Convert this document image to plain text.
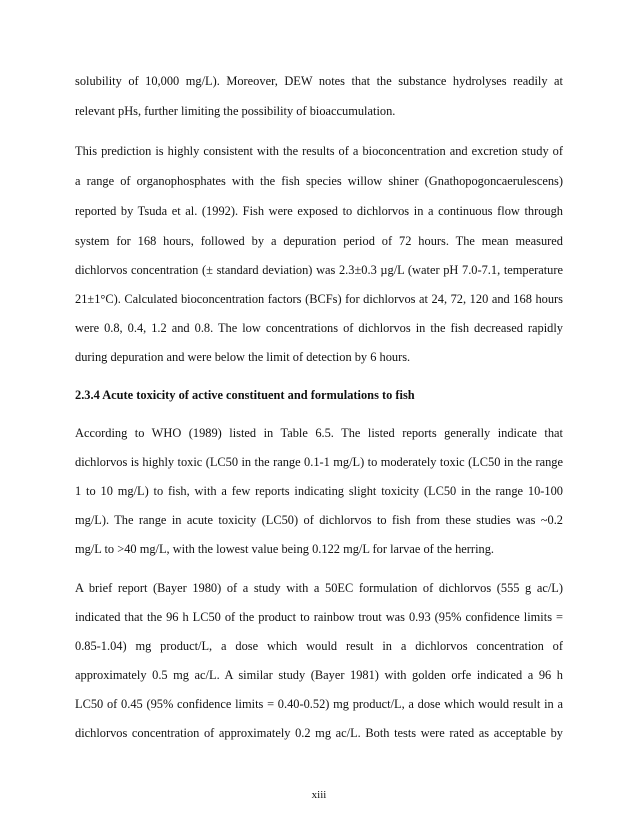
solubility of 10,000 mg/L). Moreover, DEW notes that the substance hydrolyses readily at
relevant pHs, further limiting the possibility of bioaccumulation.
This prediction is highly consistent with the results of a bioconcentration and excretion study of
a range of organophosphates with the fish species willow shiner (Gnathopogoncaerulescens)
reported by Tsuda et al. (1992). Fish were exposed to dichlorvos in a continuous flow through
system for 168 hours, followed by a depuration period of 72 hours. The mean measured
dichlorvos concentration (± standard deviation) was 2.3±0.3 µg/L (water pH 7.0-7.1, temperature
21±1°C). Calculated bioconcentration factors (BCFs) for dichlorvos at 24, 72, 120 and 168 hours
were 0.8, 0.4, 1.2 and 0.8. The low concentrations of dichlorvos in the fish decreased rapidly
during depuration and were below the limit of detection by 6 hours.
2.3.4 Acute toxicity of active constituent and formulations to fish
According to WHO (1989) listed in Table 6.5. The listed reports generally indicate that
dichlorvos is highly toxic (LC50 in the range 0.1-1 mg/L) to moderately toxic (LC50 in the range
1 to 10 mg/L) to fish, with a few reports indicating slight toxicity (LC50 in the range 10-100
mg/L). The range in acute toxicity (LC50) of dichlorvos to fish from these studies was ~0.2
mg/L to >40 mg/L, with the lowest value being 0.122 mg/L for larvae of the herring.
A brief report (Bayer 1980) of a study with a 50EC formulation of dichlorvos (555 g ac/L)
indicated that the 96 h LC50 of the product to rainbow trout was 0.93 (95% confidence limits =
0.85-1.04) mg product/L, a dose which would result in a dichlorvos concentration of
approximately 0.5 mg ac/L. A similar study (Bayer 1981) with golden orfe indicated a 96 h
LC50 of 0.45 (95% confidence limits = 0.40-0.52) mg product/L, a dose which would result in a
dichlorvos concentration of approximately 0.2 mg ac/L. Both tests were rated as acceptable by
xiii
